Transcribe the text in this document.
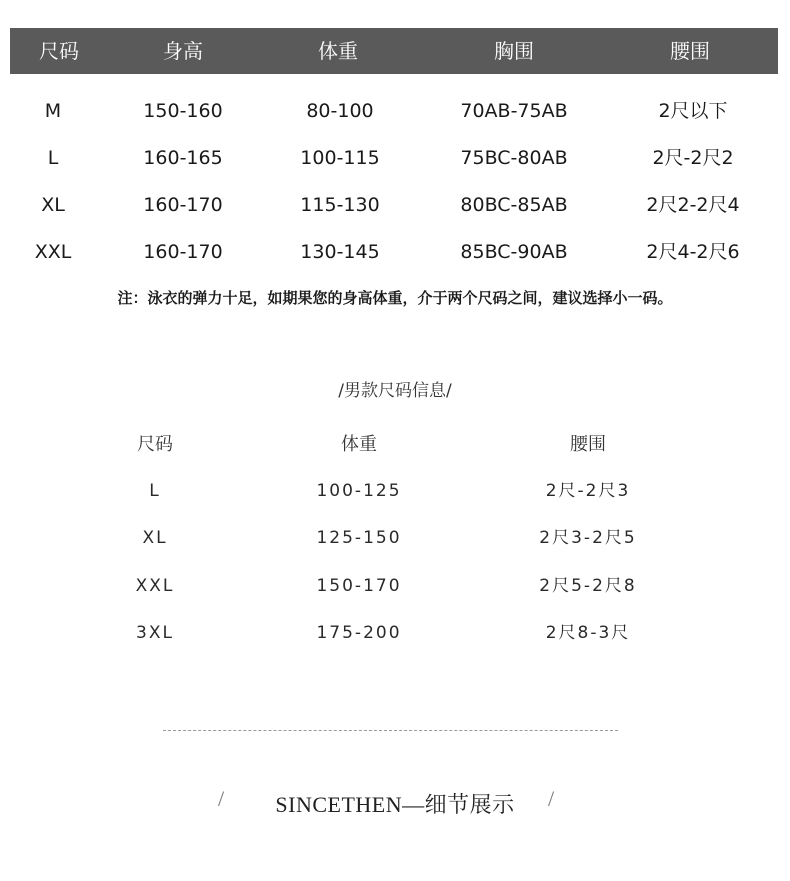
尺码	身高	体重	胸围	腰围
M	150-160	80-100	70AB-75AB	2尺以下
L	160-165	100-115	75BC-80AB	2尺-2尺2
XL	160-170	115-130	80BC-85AB	2尺2-2尺4
XXL	160-170	130-145	85BC-90AB	2尺4-2尺6
注：泳衣的弹力十足，如期果您的身高体重，介于两个尺码之间，建议选择小一码。
/男款尺码信息/
尺码	体重	腰围
L	100-125	2尺-2尺3
XL	125-150	2尺3-2尺5
XXL	150-170	2尺5-2尺8
3XL	175-200	2尺8-3尺
/ SINCETHEN—细节展示 /
